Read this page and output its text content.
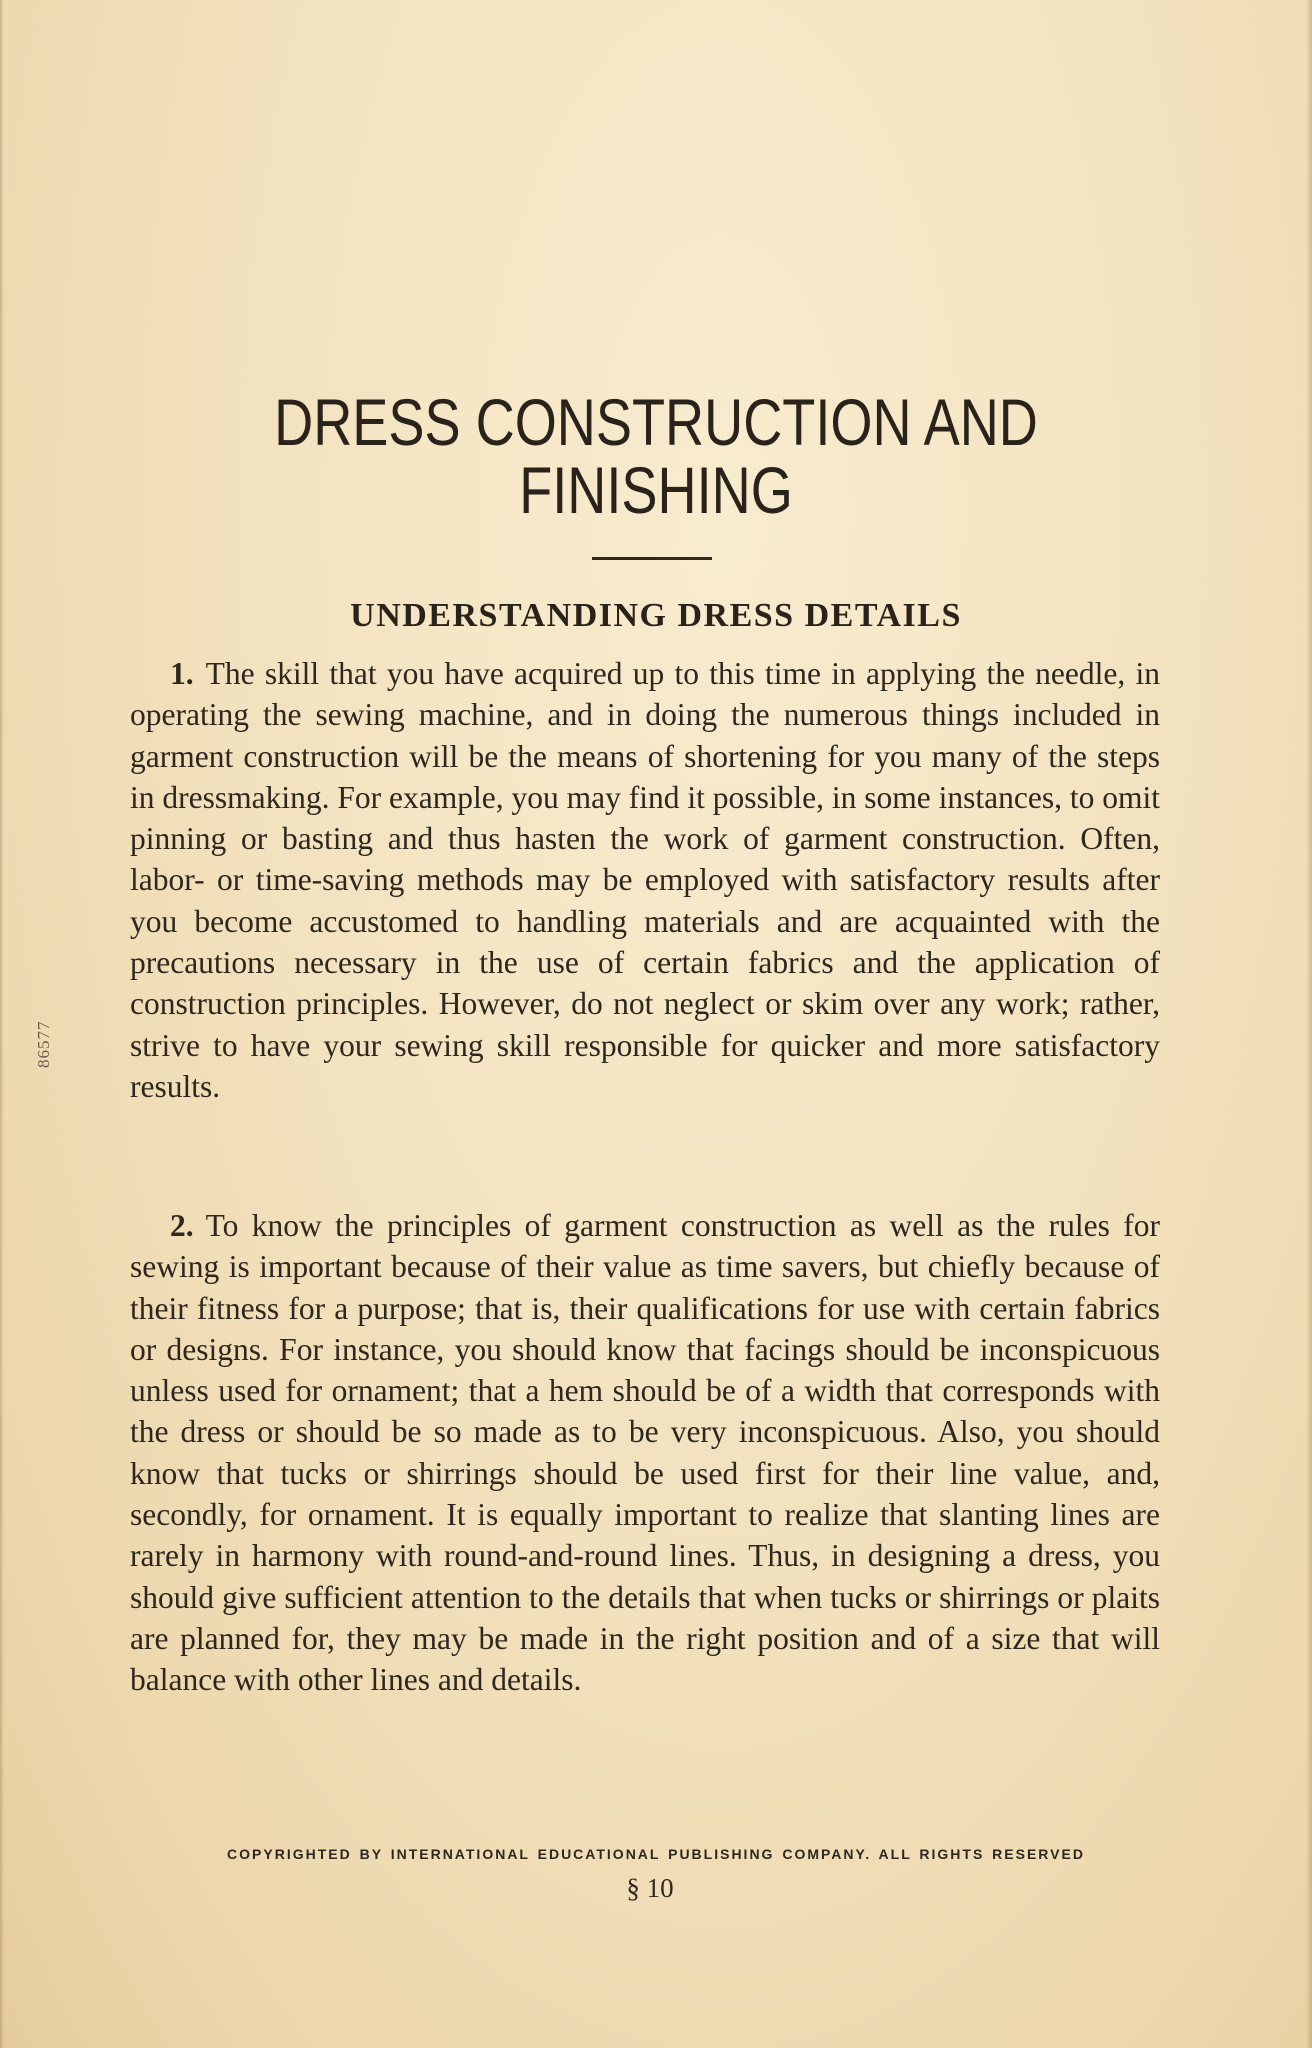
86577
DRESS CONSTRUCTION AND
FINISHING
UNDERSTANDING DRESS DETAILS

1. The skill that you have acquired up to this time in applying the needle, in operating the sewing machine, and in doing the numerous things included in garment construction will be the means of shortening for you many of the steps in dressmaking. For example, you may find it possible, in some instances, to omit pinning or basting and thus hasten the work of garment construction. Often, labor- or time-saving methods may be employed with satisfactory results after you become accustomed to handling materials and are acquainted with the precautions necessary in the use of certain fabrics and the application of construction principles. However, do not neglect or skim over any work; rather, strive to have your sewing skill responsible for quicker and more satisfactory results.

2. To know the principles of garment construction as well as the rules for sewing is important because of their value as time savers, but chiefly because of their fitness for a purpose; that is, their qualifications for use with certain fabrics or designs. For instance, you should know that facings should be inconspicuous unless used for ornament; that a hem should be of a width that corresponds with the dress or should be so made as to be very inconspicuous. Also, you should know that tucks or shirrings should be used first for their line value, and, secondly, for ornament. It is equally important to realize that slanting lines are rarely in harmony with round-and-round lines. Thus, in designing a dress, you should give sufficient attention to the details that when tucks or shirrings or plaits are planned for, they may be made in the right position and of a size that will balance with other lines and details.

COPYRIGHTED BY INTERNATIONAL EDUCATIONAL PUBLISHING COMPANY. ALL RIGHTS RESERVED
§ 10
